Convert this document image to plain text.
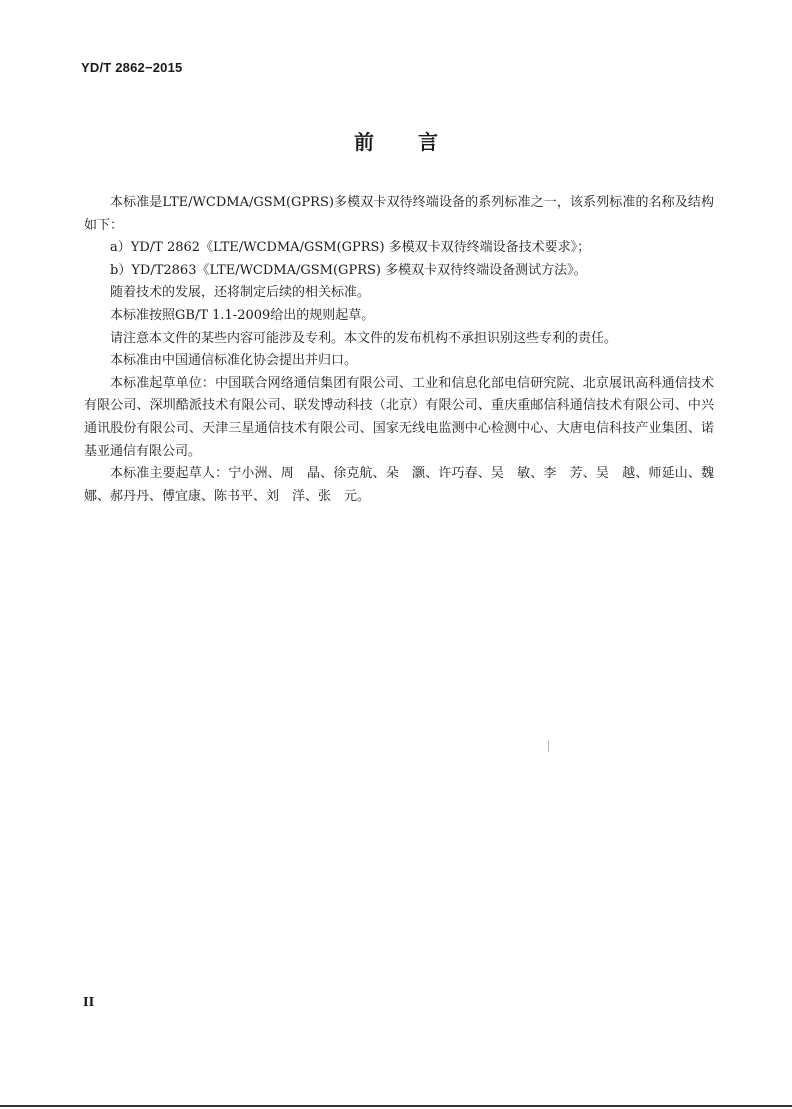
YD/T 2862−2015
前言

本标准是LTE/WCDMA/GSM(GPRS)多模双卡双待终端设备的系列标准之一，该系列标准的名称及结构如下：

a）YD/T 2862《LTE/WCDMA/GSM(GPRS) 多模双卡双待终端设备技术要求》；

b）YD/T2863《LTE/WCDMA/GSM(GPRS) 多模双卡双待终端设备测试方法》。

随着技术的发展，还将制定后续的相关标准。

本标准按照GB/T 1.1-2009给出的规则起草。

请注意本文件的某些内容可能涉及专利。本文件的发布机构不承担识别这些专利的责任。

本标准由中国通信标准化协会提出并归口。

本标准起草单位：中国联合网络通信集团有限公司、工业和信息化部电信研究院、北京展讯高科通信技术有限公司、深圳酷派技术有限公司、联发博动科技（北京）有限公司、重庆重邮信科通信技术有限公司、中兴通讯股份有限公司、天津三星通信技术有限公司、国家无线电监测中心检测中心、大唐电信科技产业集团、诺基亚通信有限公司。

本标准主要起草人：宁小洲、周　晶、徐克航、朵　灏、许巧春、吴　敏、李　芳、吴　越、师延山、魏　娜、郝丹丹、傅宜康、陈书平、刘　洋、张　元。

II
